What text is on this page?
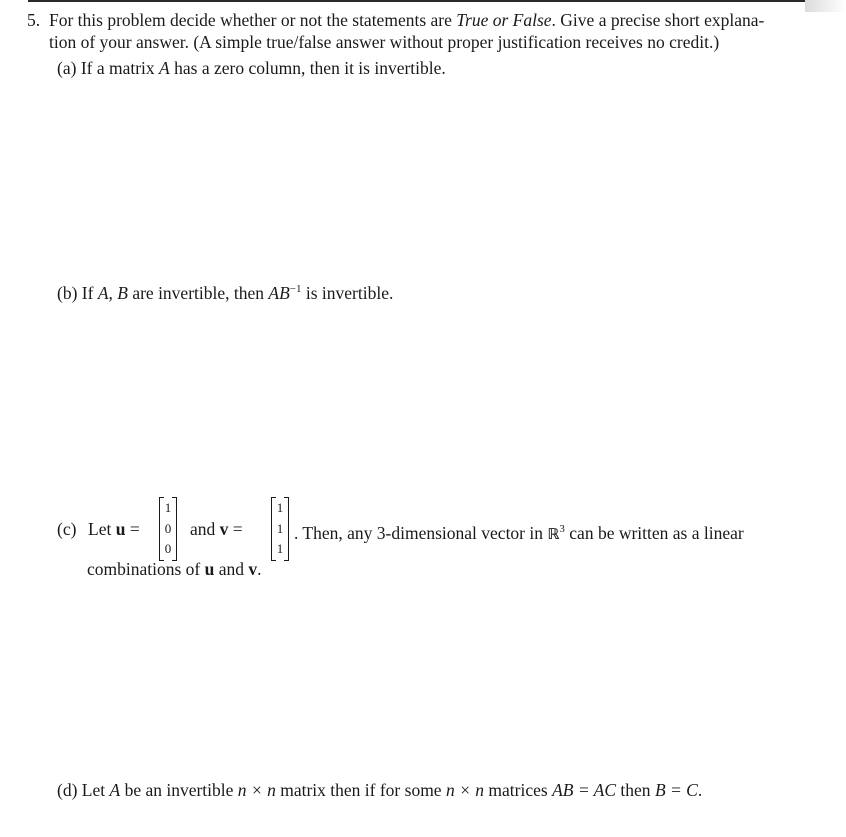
5. For this problem decide whether or not the statements are True or False. Give a precise short explana-
tion of your answer. (A simple true/false answer without proper justification receives no credit.)
(a) If a matrix A has a zero column, then it is invertible.
(b) If A, B are invertible, then $AB^{-1}$ is invertible.
(c) Let u =
1
0
0
and v =
1
1
1
. Then, any 3-dimensional vector in ℝ$^3$ can be written as a linear
combinations of u and v.
(d) Let A be an invertible n × n matrix then if for some n × n matrices AB = AC then B = C.
